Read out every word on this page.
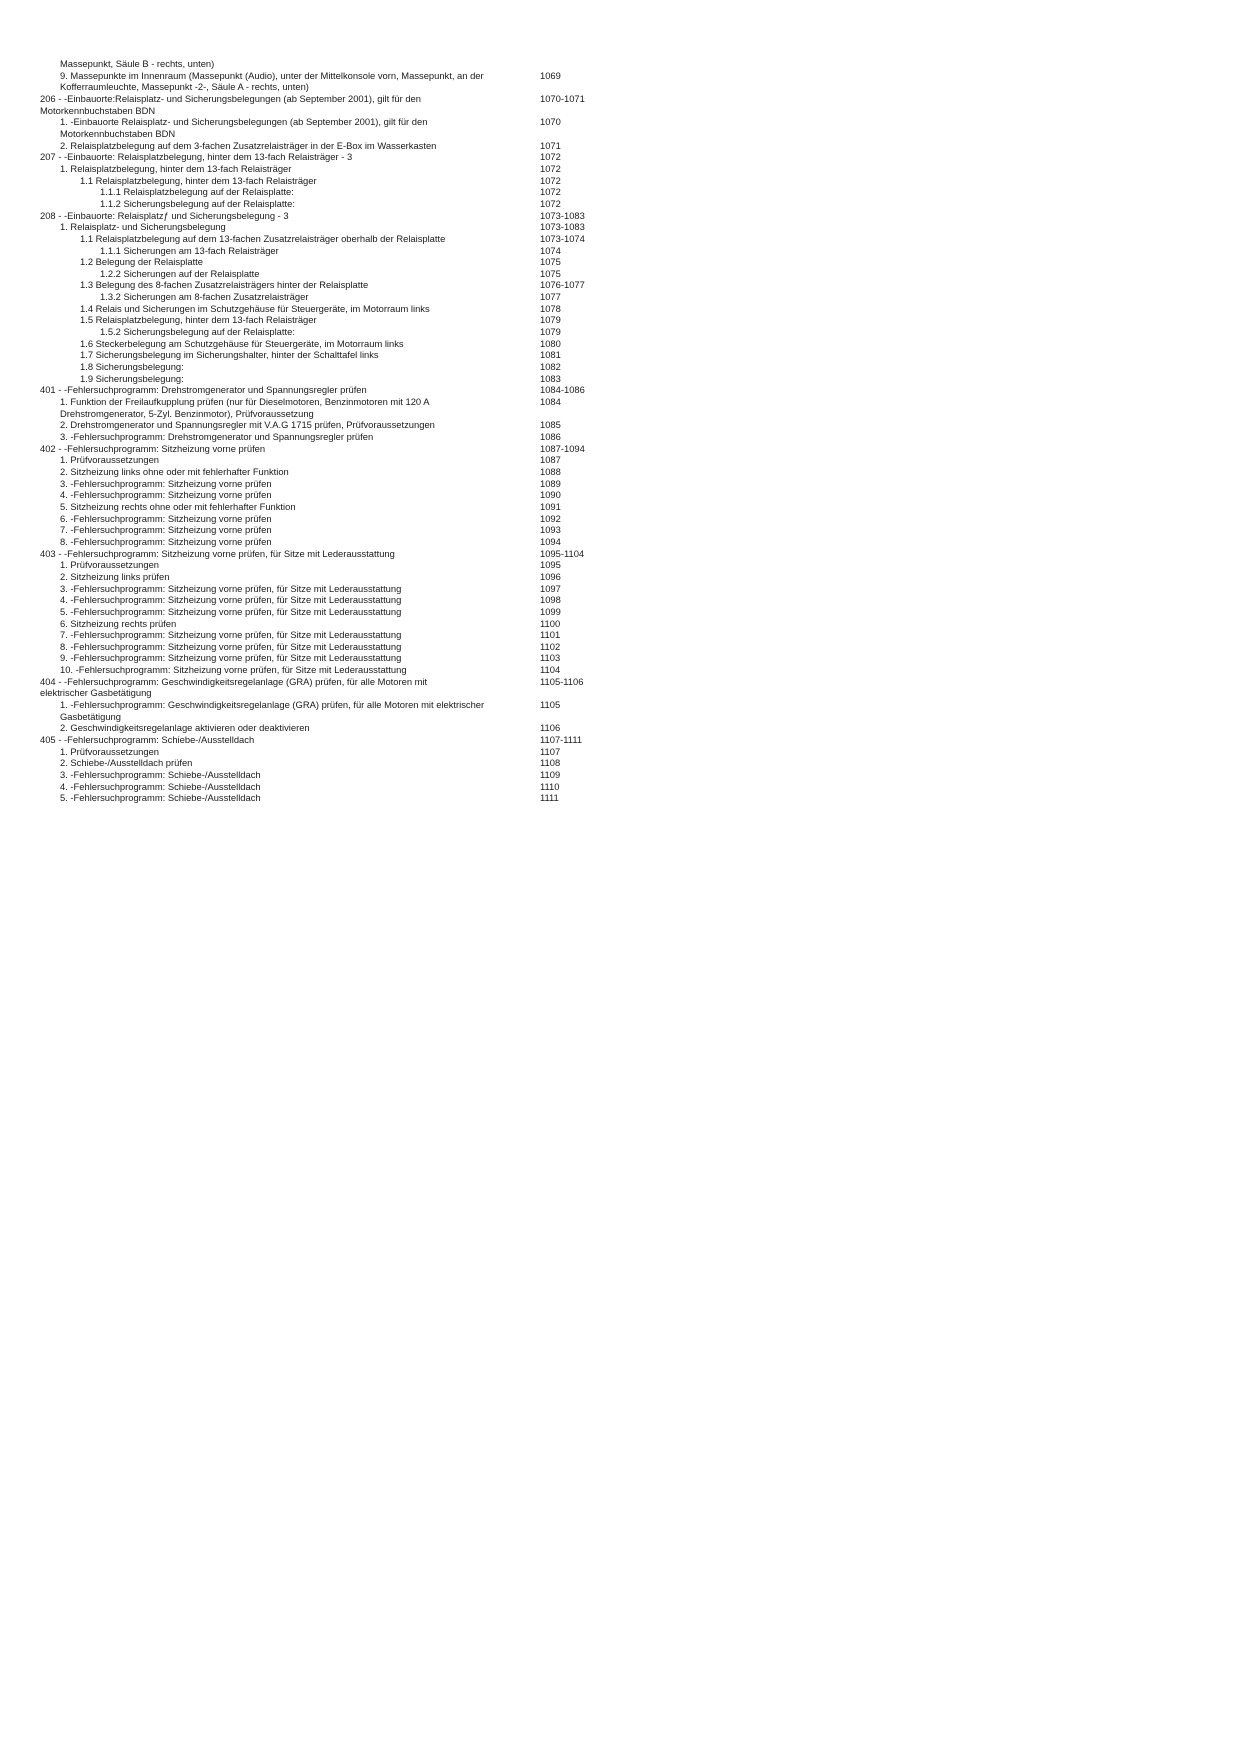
Massepunkt, Säule B - rechts, unten)
9. Massepunkte im Innenraum (Massepunkt (Audio), unter der Mittelkonsole vorn, Massepunkt, an der	1069
Kofferraumleuchte, Massepunkt -2-, Säule A - rechts, unten)
206 - -Einbauorte:Relaisplatz- und Sicherungsbelegungen (ab September 2001), gilt für den	1070-1071
Motorkennbuchstaben BDN
1. -Einbauorte Relaisplatz- und Sicherungsbelegungen (ab September 2001), gilt für den	1070
Motorkennbuchstaben BDN
2. Relaisplatzbelegung auf dem 3-fachen Zusatzrelaisträger in der E-Box im Wasserkasten	1071
207 - -Einbauorte: Relaisplatzbelegung, hinter dem 13-fach Relaisträger - 3	1072
1. Relaisplatzbelegung, hinter dem 13-fach Relaisträger	1072
1.1 Relaisplatzbelegung, hinter dem 13-fach Relaisträger	1072
1.1.1 Relaisplatzbelegung auf der Relaisplatte:	1072
1.1.2 Sicherungsbelegung auf der Relaisplatte:	1072
208 - -Einbauorte: Relaisplatzƒ und Sicherungsbelegung - 3	1073-1083
1. Relaisplatz- und Sicherungsbelegung	1073-1083
1.1 Relaisplatzbelegung auf dem 13-fachen Zusatzrelaisträger oberhalb der Relaisplatte	1073-1074
1.1.1 Sicherungen am 13-fach Relaisträger	1074
1.2 Belegung der Relaisplatte	1075
1.2.2 Sicherungen auf der Relaisplatte	1075
1.3 Belegung des 8-fachen Zusatzrelaisträgers hinter der Relaisplatte	1076-1077
1.3.2 Sicherungen am 8-fachen Zusatzrelaisträger	1077
1.4 Relais und Sicherungen im Schutzgehäuse für Steuergeräte, im Motorraum links	1078
1.5 Relaisplatzbelegung, hinter dem 13-fach Relaisträger	1079
1.5.2 Sicherungsbelegung auf der Relaisplatte:	1079
1.6 Steckerbelegung am Schutzgehäuse für Steuergeräte, im Motorraum links	1080
1.7 Sicherungsbelegung im Sicherungshalter, hinter der Schalttafel links	1081
1.8 Sicherungsbelegung:	1082
1.9 Sicherungsbelegung:	1083
401 - -Fehlersuchprogramm: Drehstromgenerator und Spannungsregler prüfen	1084-1086
1. Funktion der Freilaufkupplung prüfen (nur für Dieselmotoren, Benzinmotoren mit 120 A	1084
Drehstromgenerator, 5-Zyl. Benzinmotor), Prüfvoraussetzung
2. Drehstromgenerator und Spannungsregler mit V.A.G 1715 prüfen, Prüfvoraussetzungen	1085
3. -Fehlersuchprogramm: Drehstromgenerator und Spannungsregler prüfen	1086
402 - -Fehlersuchprogramm: Sitzheizung vorne prüfen	1087-1094
1. Prüfvoraussetzungen	1087
2. Sitzheizung links ohne oder mit fehlerhafter Funktion	1088
3. -Fehlersuchprogramm: Sitzheizung vorne prüfen	1089
4. -Fehlersuchprogramm: Sitzheizung vorne prüfen	1090
5. Sitzheizung rechts ohne oder mit fehlerhafter Funktion	1091
6. -Fehlersuchprogramm: Sitzheizung vorne prüfen	1092
7. -Fehlersuchprogramm: Sitzheizung vorne prüfen	1093
8. -Fehlersuchprogramm: Sitzheizung vorne prüfen	1094
403 - -Fehlersuchprogramm: Sitzheizung vorne prüfen, für Sitze mit Lederausstattung	1095-1104
1. Prüfvoraussetzungen	1095
2. Sitzheizung links prüfen	1096
3. -Fehlersuchprogramm: Sitzheizung vorne prüfen, für Sitze mit Lederausstattung	1097
4. -Fehlersuchprogramm: Sitzheizung vorne prüfen, für Sitze mit Lederausstattung	1098
5. -Fehlersuchprogramm: Sitzheizung vorne prüfen, für Sitze mit Lederausstattung	1099
6. Sitzheizung rechts prüfen	1100
7. -Fehlersuchprogramm: Sitzheizung vorne prüfen, für Sitze mit Lederausstattung	1101
8. -Fehlersuchprogramm: Sitzheizung vorne prüfen, für Sitze mit Lederausstattung	1102
9. -Fehlersuchprogramm: Sitzheizung vorne prüfen, für Sitze mit Lederausstattung	1103
10. -Fehlersuchprogramm: Sitzheizung vorne prüfen, für Sitze mit Lederausstattung	1104
404 - -Fehlersuchprogramm: Geschwindigkeitsregelanlage (GRA) prüfen, für alle Motoren mit	1105-1106
elektrischer Gasbetätigung
1. -Fehlersuchprogramm: Geschwindigkeitsregelanlage (GRA) prüfen, für alle Motoren mit elektrischer	1105
Gasbetätigung
2. Geschwindigkeitsregelanlage aktivieren oder deaktivieren	1106
405 - -Fehlersuchprogramm: Schiebe-/Ausstelldach	1107-1111
1. Prüfvoraussetzungen	1107
2. Schiebe-/Ausstelldach prüfen	1108
3. -Fehlersuchprogramm: Schiebe-/Ausstelldach	1109
4. -Fehlersuchprogramm: Schiebe-/Ausstelldach	1110
5. -Fehlersuchprogramm: Schiebe-/Ausstelldach	1111
